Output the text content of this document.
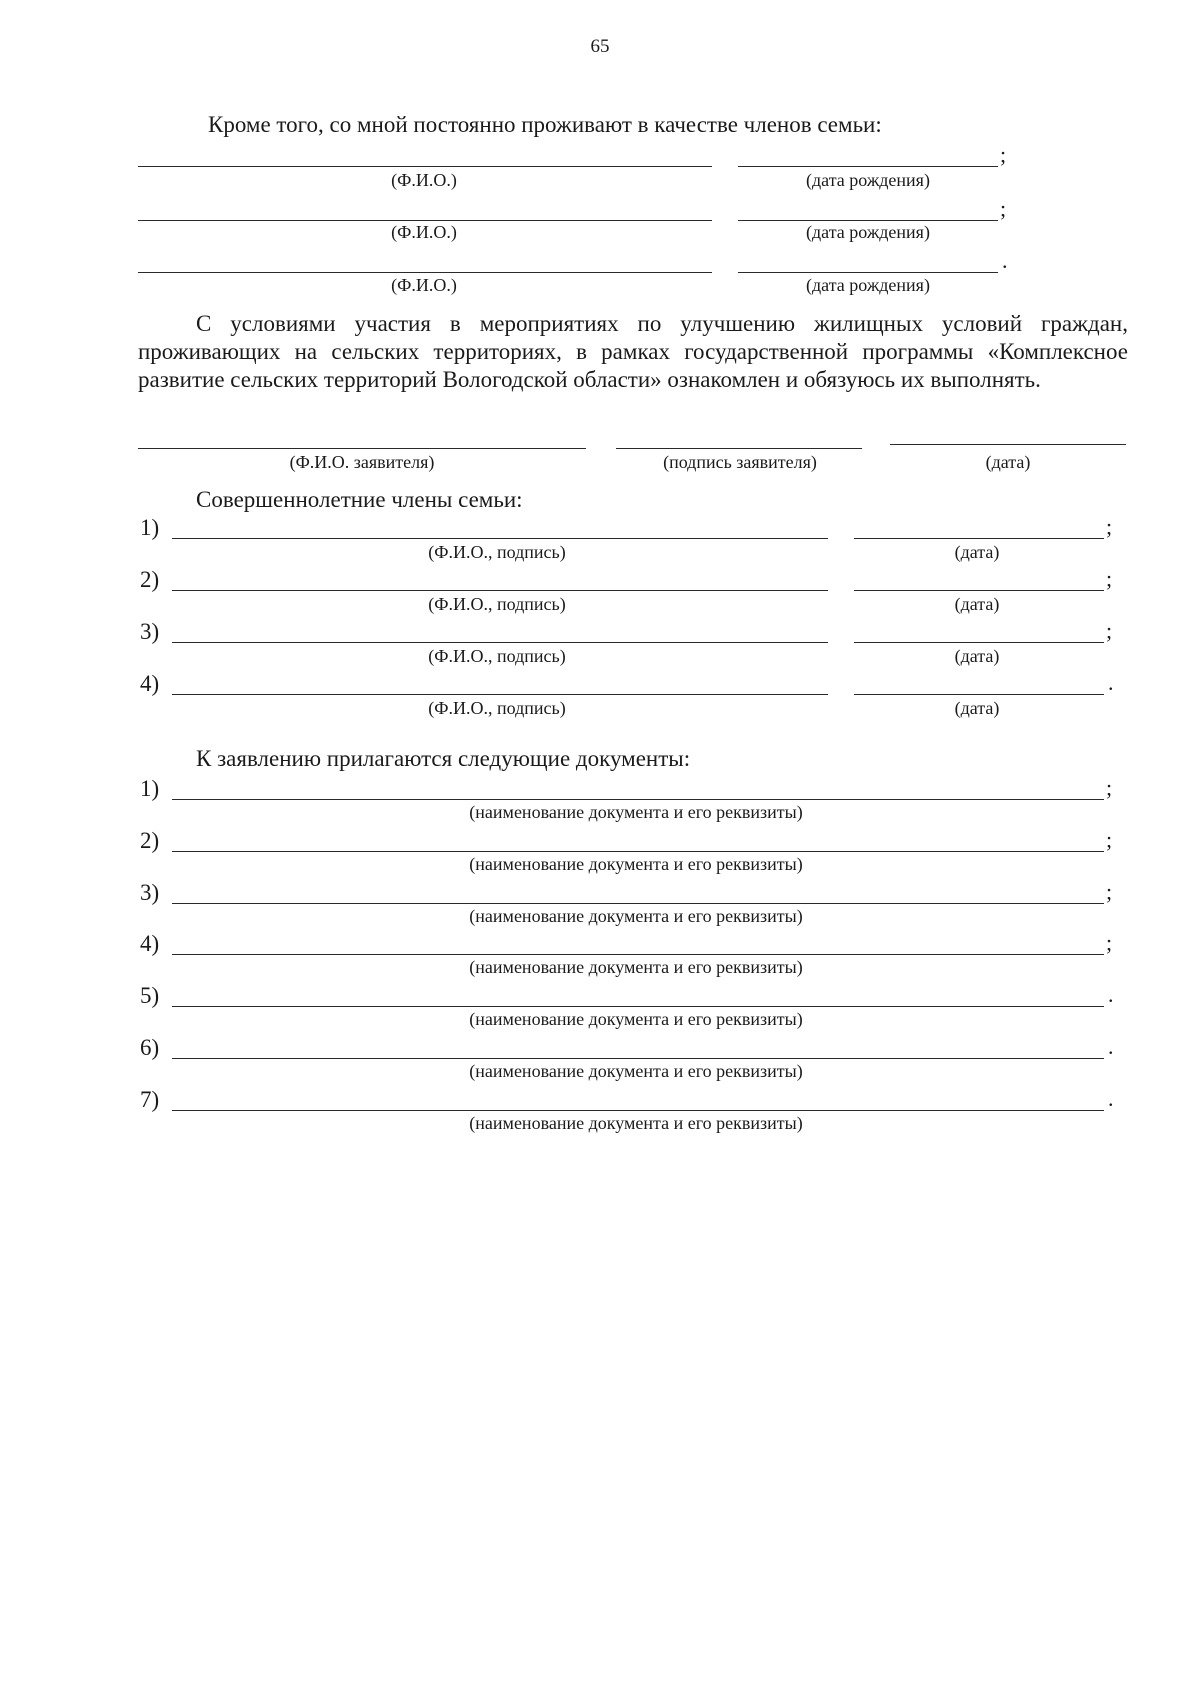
65
Кроме того, со мной постоянно проживают в качестве членов семьи:
;
(Ф.И.О.)	(дата рождения)
;
(Ф.И.О.)	(дата рождения)
.
(Ф.И.О.)	(дата рождения)

С условиями участия в мероприятиях по улучшению жилищных условий граждан, проживающих на сельских территориях, в рамках государственной программы «Комплексное развитие сельских территорий Вологодской области» ознакомлен и обязуюсь их выполнять.

(Ф.И.О. заявителя)	(подпись заявителя)	(дата)
Совершеннолетние члены семьи:
1)	;
(Ф.И.О., подпись)	(дата)
2)	;
(Ф.И.О., подпись)	(дата)
3)	;
(Ф.И.О., подпись)	(дата)
4)	.
(Ф.И.О., подпись)	(дата)
К заявлению прилагаются следующие документы:
1)	;
(наименование документа и его реквизиты)
2)	;
(наименование документа и его реквизиты)
3)	;
(наименование документа и его реквизиты)
4)	;
(наименование документа и его реквизиты)
5)	.
(наименование документа и его реквизиты)
6)	.
(наименование документа и его реквизиты)
7)	.
(наименование документа и его реквизиты)
